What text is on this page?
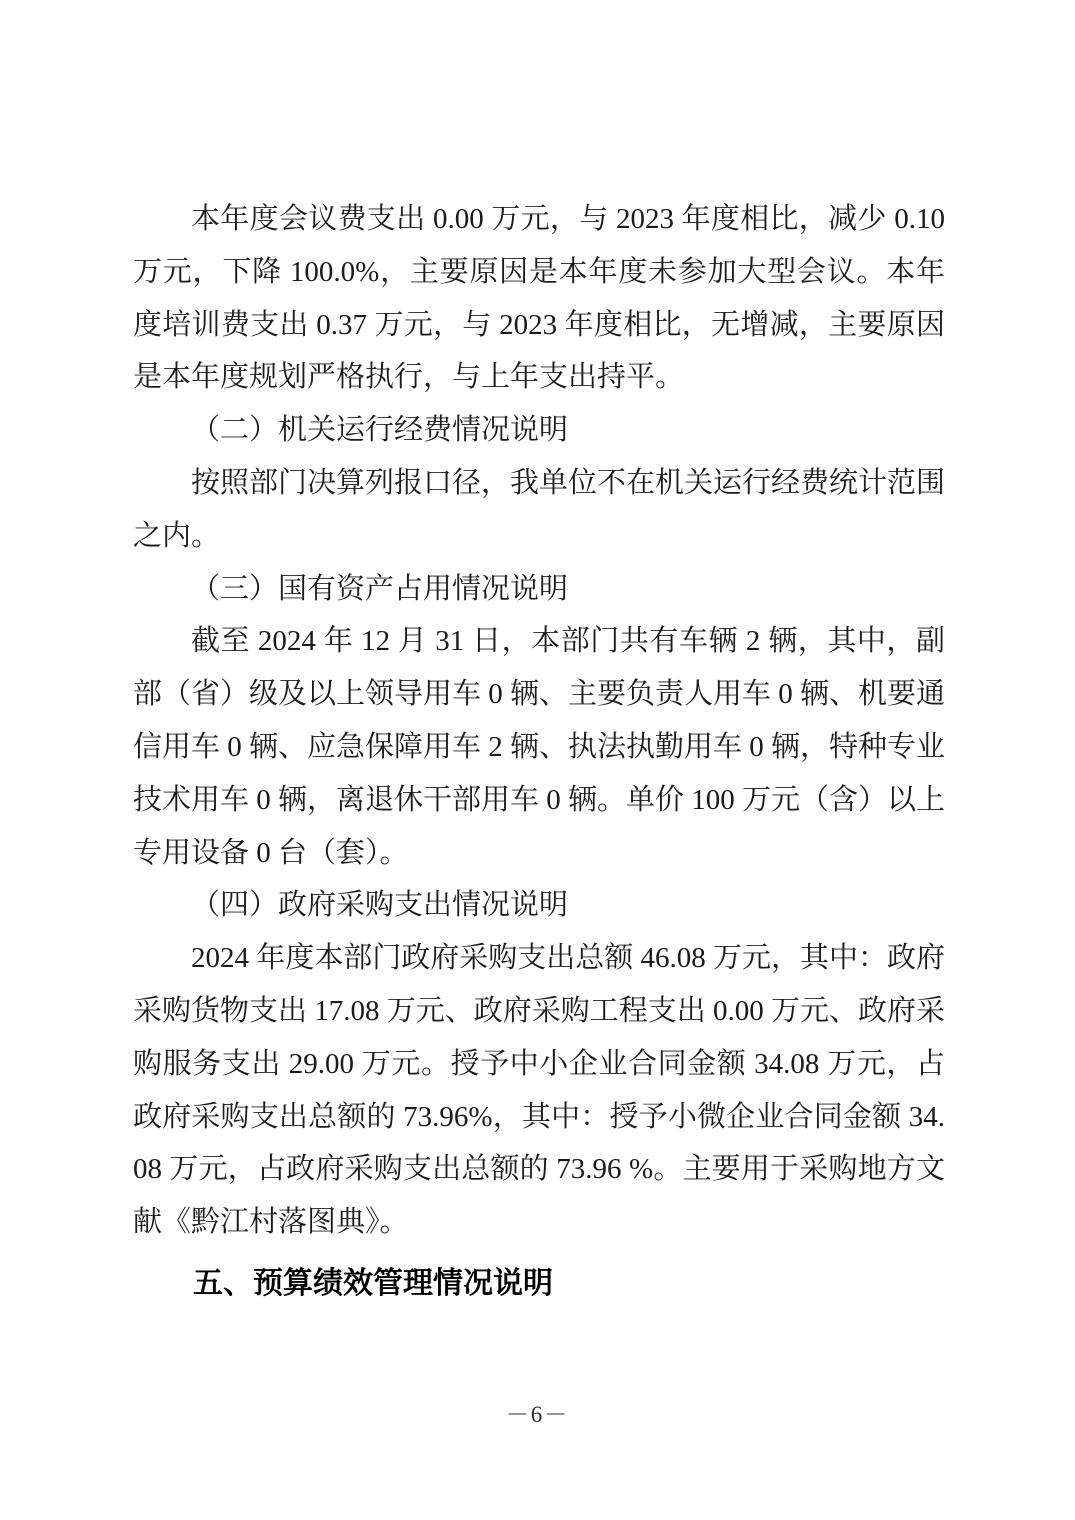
本年度会议费支出 0.00 万元，与 2023 年度相比，减少 0.10 万元，下降 100.0%，主要原因是本年度未参加大型会议。本年度培训费支出 0.37 万元，与 2023 年度相比，无增减，主要原因是本年度规划严格执行，与上年支出持平。

（二）机关运行经费情况说明

按照部门决算列报口径，我单位不在机关运行经费统计范围之内。

（三）国有资产占用情况说明

截至 2024 年 12 月 31 日，本部门共有车辆 2 辆，其中，副部（省）级及以上领导用车 0 辆、主要负责人用车 0 辆、机要通信用车 0 辆、应急保障用车 2 辆、执法执勤用车 0 辆，特种专业技术用车 0 辆，离退休干部用车 0 辆。单价 100 万元（含）以上专用设备 0 台（套）。

（四）政府采购支出情况说明

2024 年度本部门政府采购支出总额 46.08 万元，其中：政府采购货物支出 17.08 万元、政府采购工程支出 0.00 万元、政府采购服务支出 29.00 万元。授予中小企业合同金额 34.08 万元，占政府采购支出总额的 73.96%，其中：授予小微企业合同金额 34.08 万元，占政府采购支出总额的 73.96 %。主要用于采购地方文献《黔江村落图典》。

五、预算绩效管理情况说明

－6－
